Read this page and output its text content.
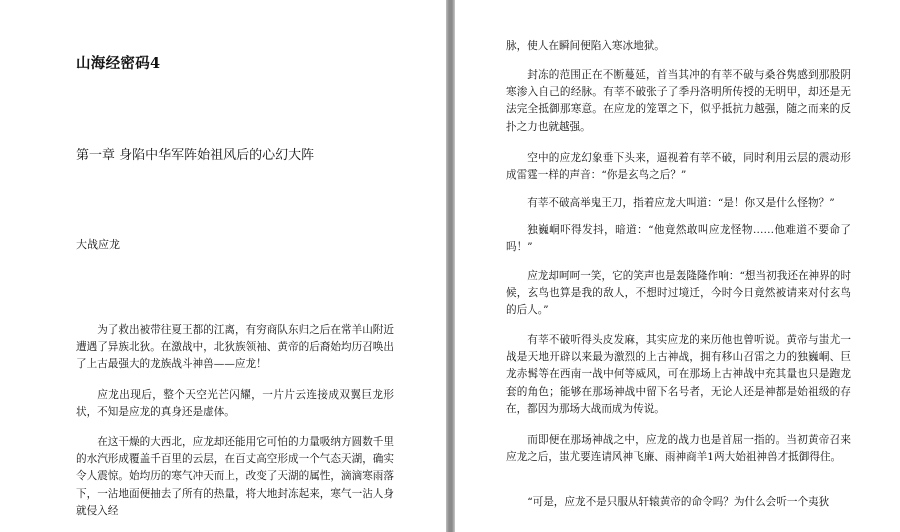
山海经密码4
第一章 身陷中华军阵始祖风后的心幻大阵
大战应龙

为了救出被带往夏王都的江离，有穷商队东归之后在常羊山附近遭遇了异族北狄。在激战中，北狄族领袖、黄帝的后裔始均历召唤出了上古最强大的龙族战斗神兽——应龙！

应龙出现后，整个天空光芒闪耀，一片片云连接成双翼巨龙形状，不知是应龙的真身还是虚体。

在这干燥的大西北，应龙却还能用它可怕的力量吸纳方圆数千里的水汽形成覆盖千百里的云层，在百丈高空形成一个气态天湖，确实令人震惊。始均历的寒气冲天而上，改变了天湖的属性，滴滴寒雨落下，一沾地面便抽去了所有的热量，将大地封冻起来，寒气一沾人身就侵入经

脉，使人在瞬间便陷入寒冰地狱。

封冻的范围正在不断蔓延，首当其冲的有莘不破与桑谷隽感到那股阴寒渗入自己的经脉。有莘不破张子了季丹洛明所传授的无明甲，却还是无法完全抵御那寒意。在应龙的笼罩之下，似乎抵抗力越强，随之而来的反扑之力也就越强。

空中的应龙幻象垂下头来，逼视着有莘不破，同时利用云层的震动形成雷霆一样的声音：“你是玄鸟之后？”

有莘不破高举鬼王刀，指着应龙大叫道：“是！你又是什么怪物？”

独巍峒吓得发抖，暗道：“他竟然敢叫应龙怪物……他难道不要命了吗！”

应龙却呵呵一笑，它的笑声也是轰隆隆作响：“想当初我还在神界的时候，玄鸟也算是我的敌人，不想时过境迁，今时今日竟然被请来对付玄鸟的后人。”

有莘不破听得头皮发麻，其实应龙的来历他也曾听说。黄帝与蚩尤一战是天地开辟以来最为激烈的上古神战，拥有移山召雷之力的独巍峒、巨龙赤髯等在西南一战中何等威风，可在那场上古神战中充其量也只是跑龙套的角色；能够在那场神战中留下名号者，无论人还是神都是始祖级的存在，都因为那场大战而成为传说。

而即便在那场神战之中，应龙的战力也是首屈一指的。当初黄帝召来应龙之后，蚩尤要连请风神飞廉、雨神商羊1两大始祖神兽才抵御得住。

“可是，应龙不是只服从轩辕黄帝的命令吗？为什么会听一个夷狄
